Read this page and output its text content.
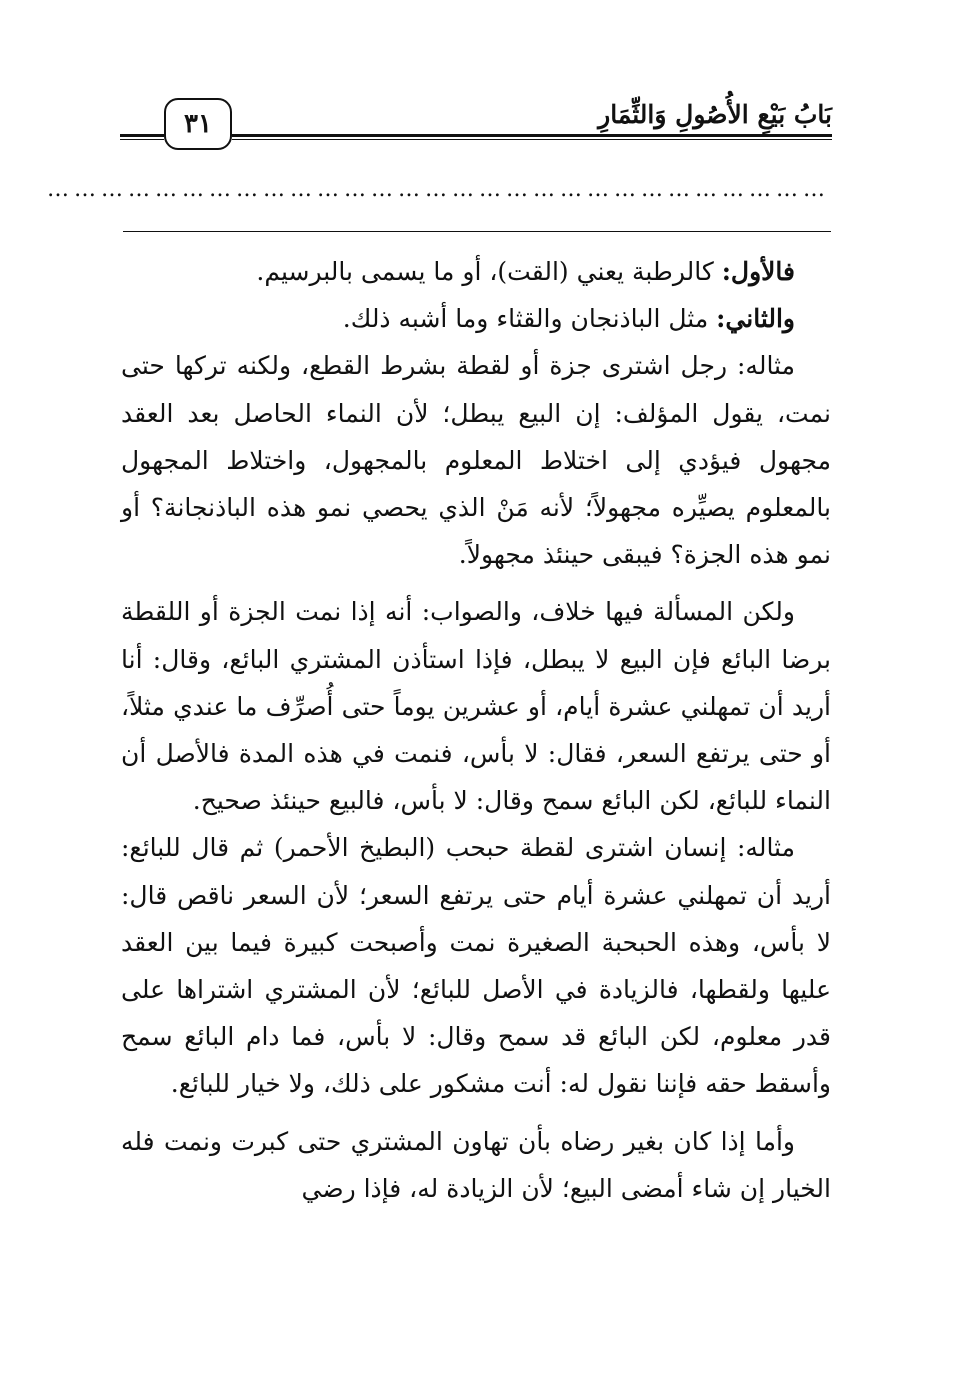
بَابُ بَيْعِ الأُصُولِ وَالثِّمَارِ
٣١
……………………………………………………………………………

فالأول: كالرطبة يعني (القت)، أو ما يسمى بالبرسيم.

والثاني: مثل الباذنجان والقثاء وما أشبه ذلك.

مثاله: رجل اشترى جزة أو لقطة بشرط القطع، ولكنه تركها حتى نمت، يقول المؤلف: إن البيع يبطل؛ لأن النماء الحاصل بعد العقد مجهول فيؤدي إلى اختلاط المعلوم بالمجهول، واختلاط المجهول بالمعلوم يصيِّره مجهولاً؛ لأنه مَنْ الذي يحصي نمو هذه الباذنجانة؟ أو نمو هذه الجزة؟ فيبقى حينئذ مجهولاً.

ولكن المسألة فيها خلاف، والصواب: أنه إذا نمت الجزة أو اللقطة برضا البائع فإن البيع لا يبطل، فإذا استأذن المشتري البائع، وقال: أنا أريد أن تمهلني عشرة أيام، أو عشرين يوماً حتى أُصرِّف ما عندي مثلاً، أو حتى يرتفع السعر، فقال: لا بأس، فنمت في هذه المدة فالأصل أن النماء للبائع، لكن البائع سمح وقال: لا بأس، فالبيع حينئذ صحيح.

مثاله: إنسان اشترى لقطة حبحب (البطيخ الأحمر) ثم قال للبائع: أريد أن تمهلني عشرة أيام حتى يرتفع السعر؛ لأن السعر ناقص قال: لا بأس، وهذه الحبحبة الصغيرة نمت وأصبحت كبيرة فيما بين العقد عليها ولقطها، فالزيادة في الأصل للبائع؛ لأن المشتري اشتراها على قدر معلوم، لكن البائع قد سمح وقال: لا بأس، فما دام البائع سمح وأسقط حقه فإننا نقول له: أنت مشكور على ذلك، ولا خيار للبائع.

وأما إذا كان بغير رضاه بأن تهاون المشتري حتى كبرت ونمت فله الخيار إن شاء أمضى البيع؛ لأن الزيادة له، فإذا رضي
